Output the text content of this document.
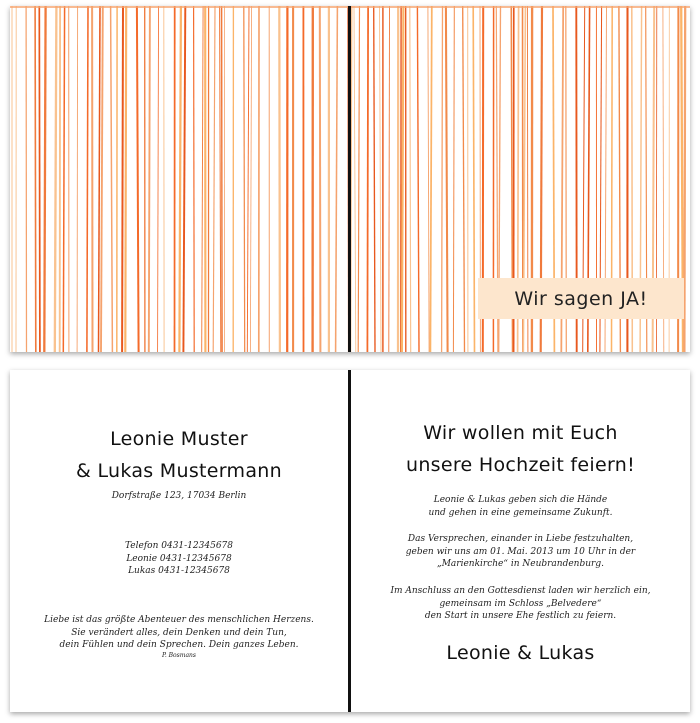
Wir sagen JA!
Leonie Muster
& Lukas Mustermann
Dorfstraße 123, 17034 Berlin
Telefon 0431-12345678
Leonie 0431-12345678
Lukas 0431-12345678
Liebe ist das größte Abenteuer des menschlichen Herzens.
Sie verändert alles, dein Denken und dein Tun,
dein Fühlen und dein Sprechen. Dein ganzes Leben.
P. Bosmans
Wir wollen mit Euch
unsere Hochzeit feiern!
Leonie & Lukas geben sich die Hände
und gehen in eine gemeinsame Zukunft.
Das Versprechen, einander in Liebe festzuhalten,
geben wir uns am 01. Mai. 2013 um 10 Uhr in der
„Marienkirche“ in Neubrandenburg.
Im Anschluss an den Gottesdienst laden wir herzlich ein,
gemeinsam im Schloss „Belvedere“
den Start in unsere Ehe festlich zu feiern.
Leonie & Lukas
